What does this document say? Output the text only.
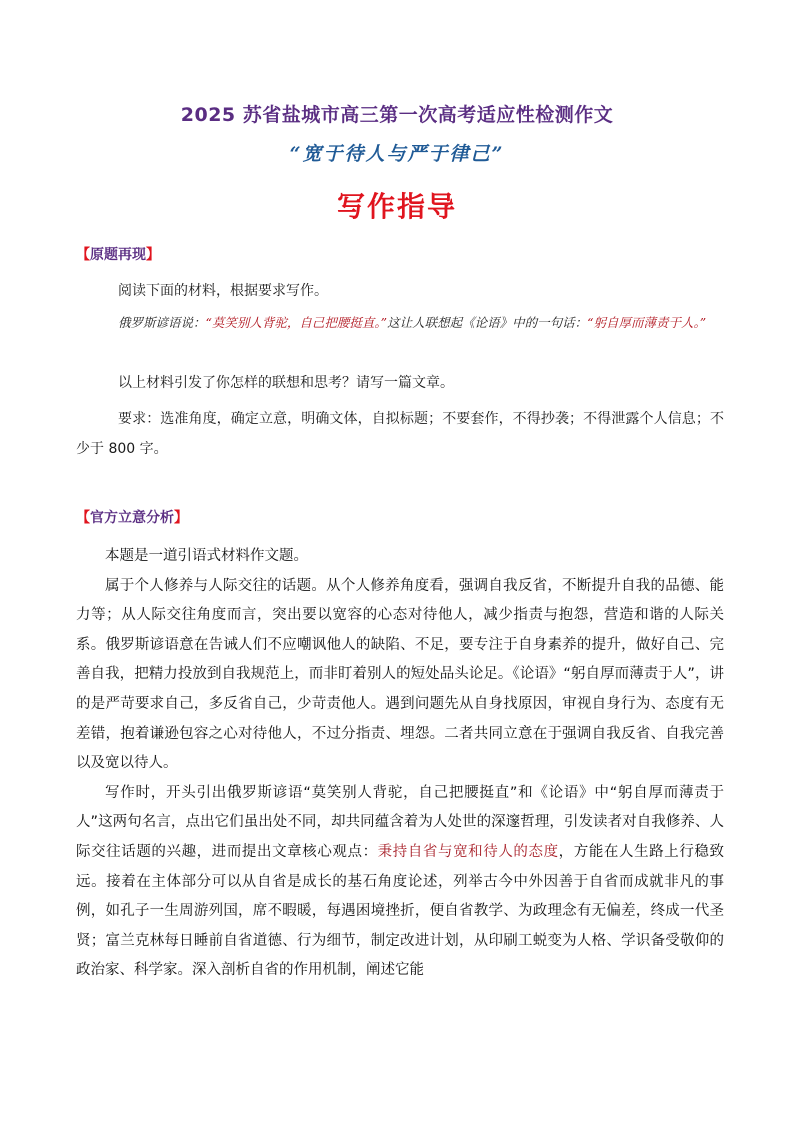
2025 苏省盐城市高三第一次高考适应性检测作文
“宽于待人与严于律己”
写作指导
【原题再现】

阅读下面的材料，根据要求写作。

俄罗斯谚语说：“莫笑别人背驼，自己把腰挺直。”这让人联想起《论语》中的一句话：“躬自厚而薄责于人。”

以上材料引发了你怎样的联想和思考？请写一篇文章。

要求：选准角度，确定立意，明确文体，自拟标题；不要套作，不得抄袭；不得泄露个人信息；不少于 800 字。

【官方立意分析】

本题是一道引语式材料作文题。

属于个人修养与人际交往的话题。从个人修养角度看，强调自我反省，不断提升自我的品德、能力等；从人际交往角度而言，突出要以宽容的心态对待他人，减少指责与抱怨，营造和谐的人际关系。俄罗斯谚语意在告诫人们不应嘲讽他人的缺陷、不足，要专注于自身素养的提升，做好自己、完善自我，把精力投放到自我规范上，而非盯着别人的短处品头论足。《论语》“躬自厚而薄责于人”，讲的是严苛要求自己，多反省自己，少苛责他人。遇到问题先从自身找原因，审视自身行为、态度有无差错，抱着谦逊包容之心对待他人，不过分指责、埋怨。二者共同立意在于强调自我反省、自我完善以及宽以待人。

写作时，开头引出俄罗斯谚语“莫笑别人背驼，自己把腰挺直”和《论语》中“躬自厚而薄责于人”这两句名言，点出它们虽出处不同，却共同蕴含着为人处世的深邃哲理，引发读者对自我修养、人际交往话题的兴趣，进而提出文章核心观点：秉持自省与宽和待人的态度，方能在人生路上行稳致远。接着在主体部分可以从自省是成长的基石角度论述，列举古今中外因善于自省而成就非凡的事例，如孔子一生周游列国，席不暇暖，每遇困境挫折，便自省教学、为政理念有无偏差，终成一代圣贤；富兰克林每日睡前自省道德、行为细节，制定改进计划，从印刷工蜕变为人格、学识备受敬仰的政治家、科学家。深入剖析自省的作用机制，阐述它能
